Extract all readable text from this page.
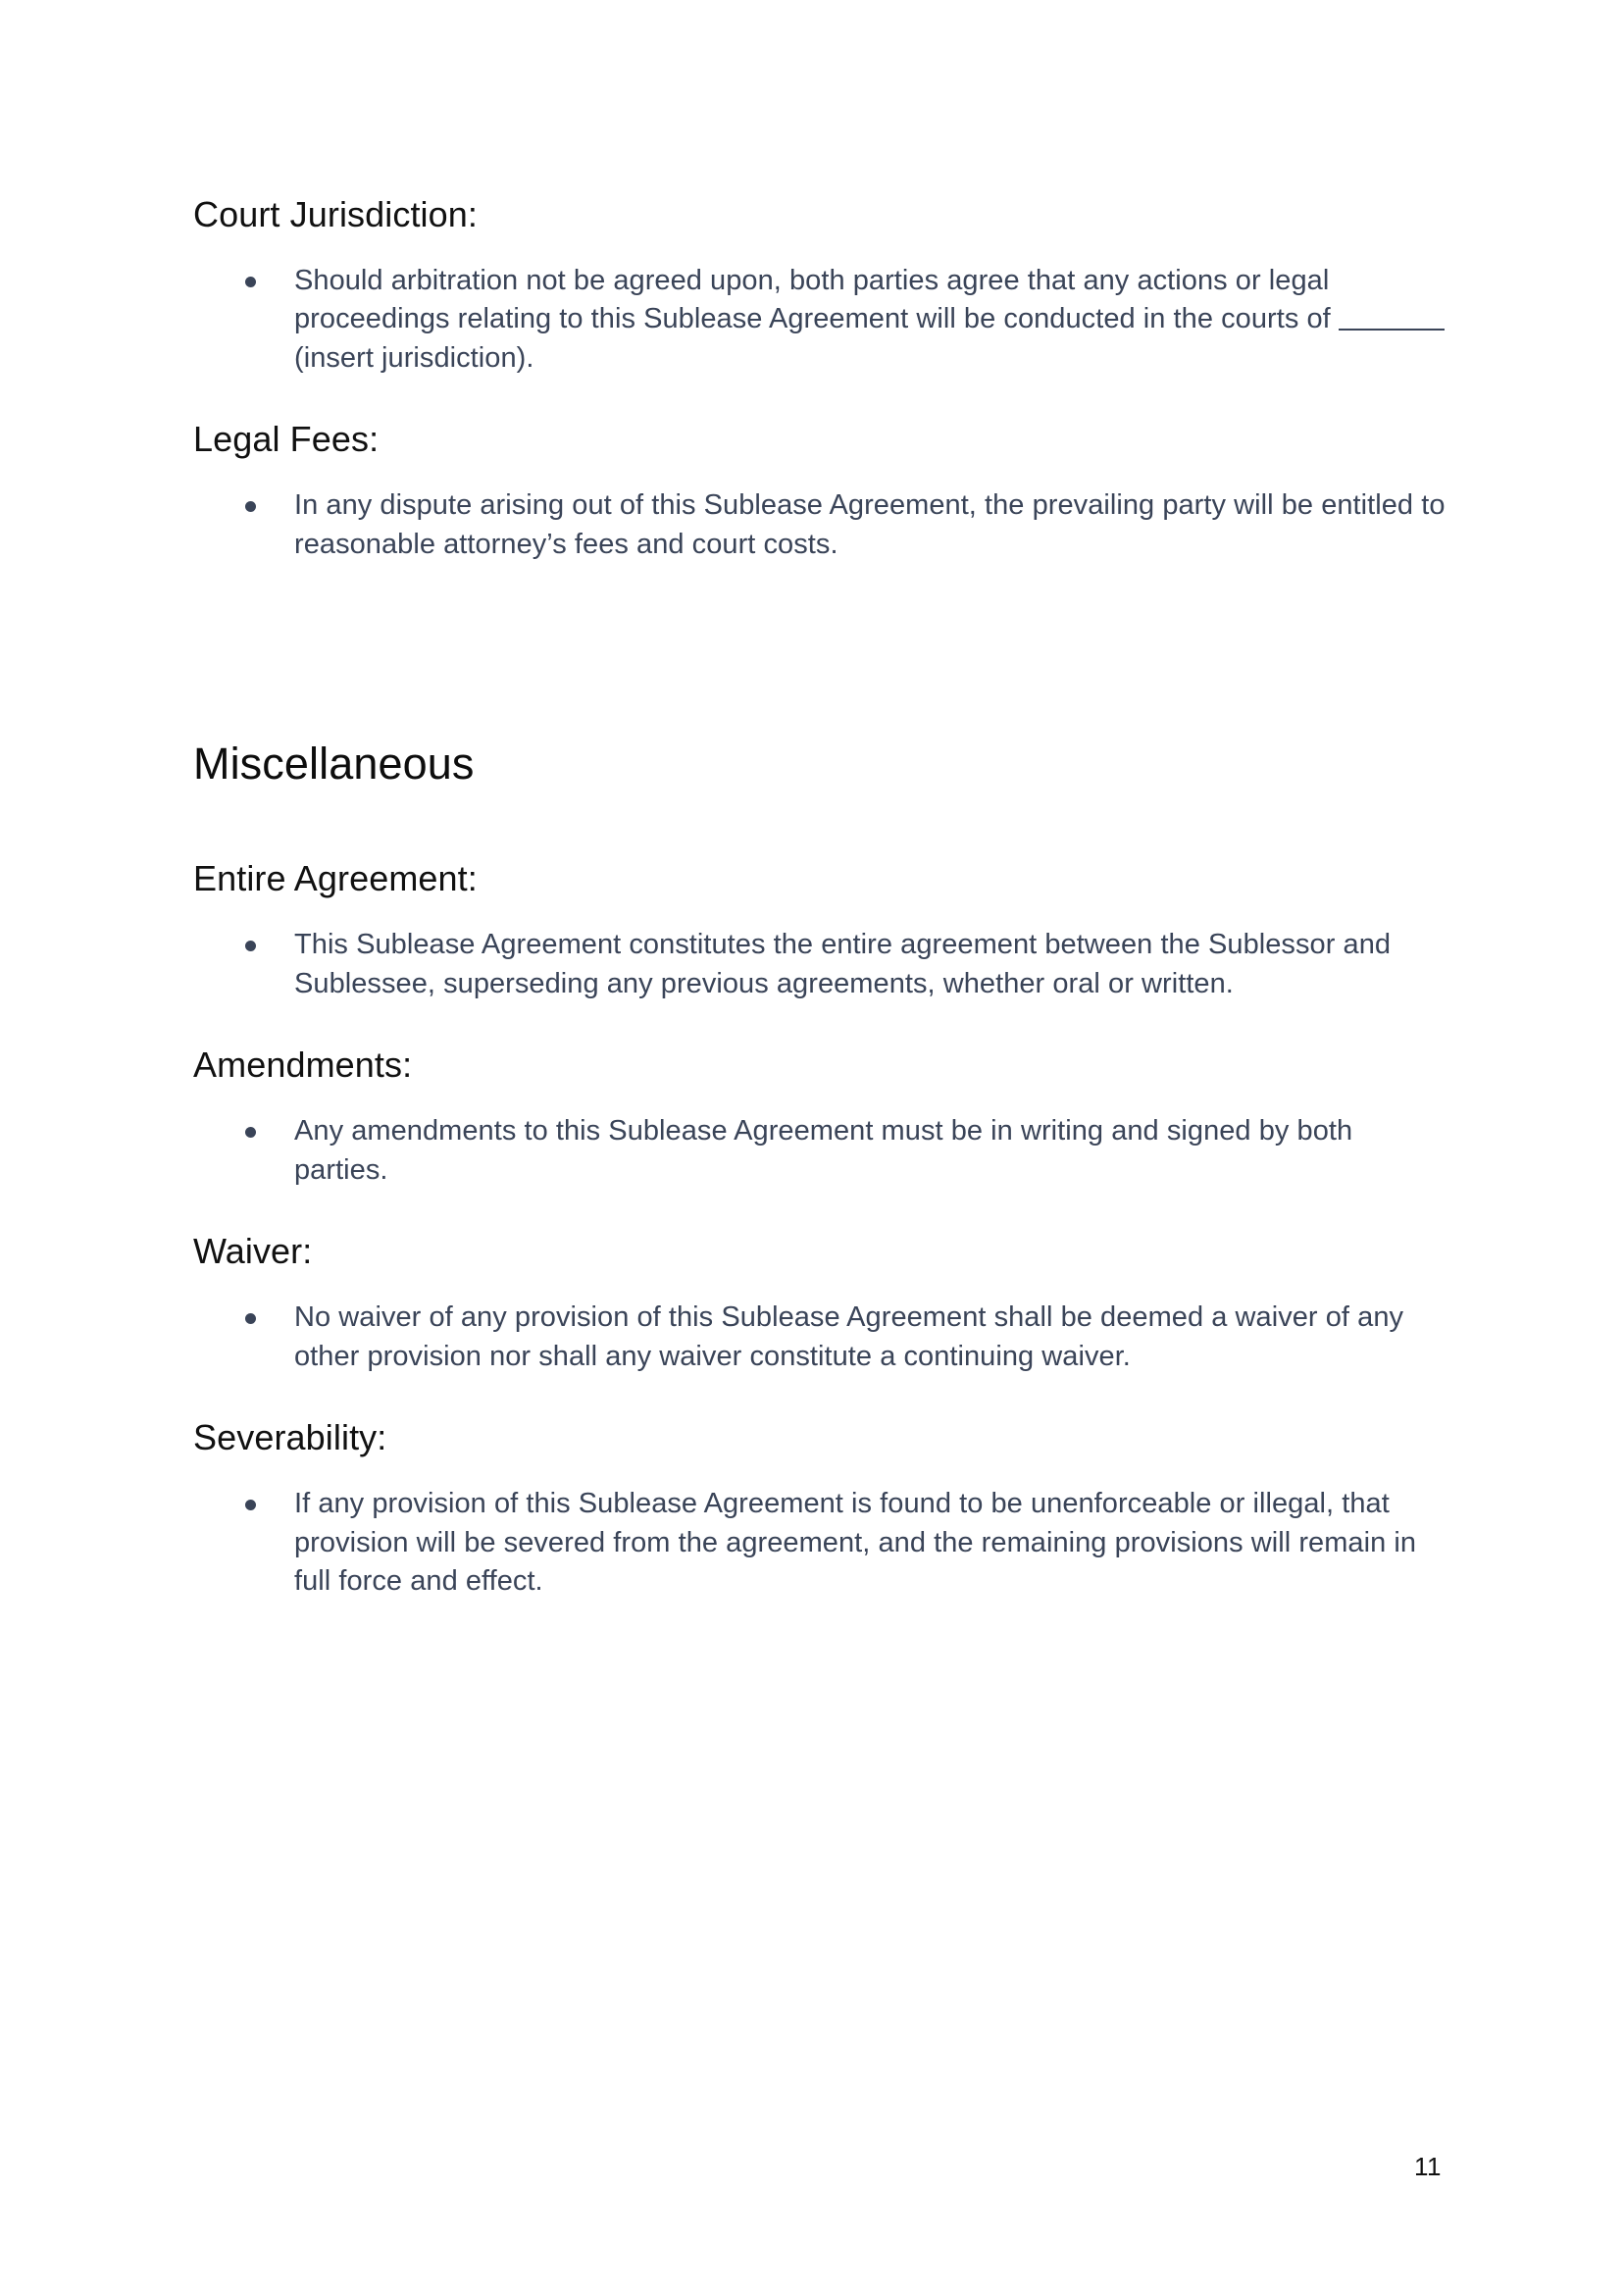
Court Jurisdiction:
Should arbitration not be agreed upon, both parties agree that any actions or legal proceedings relating to this Sublease Agreement will be conducted in the courts of  (insert jurisdiction).
Legal Fees:
In any dispute arising out of this Sublease Agreement, the prevailing party will be entitled to reasonable attorney’s fees and court costs.
Miscellaneous
Entire Agreement:
This Sublease Agreement constitutes the entire agreement between the Sublessor and Sublessee, superseding any previous agreements, whether oral or written.
Amendments:
Any amendments to this Sublease Agreement must be in writing and signed by both parties.
Waiver:
No waiver of any provision of this Sublease Agreement shall be deemed a waiver of any other provision nor shall any waiver constitute a continuing waiver.
Severability:
If any provision of this Sublease Agreement is found to be unenforceable or illegal, that provision will be severed from the agreement, and the remaining provisions will remain in full force and effect.
11
